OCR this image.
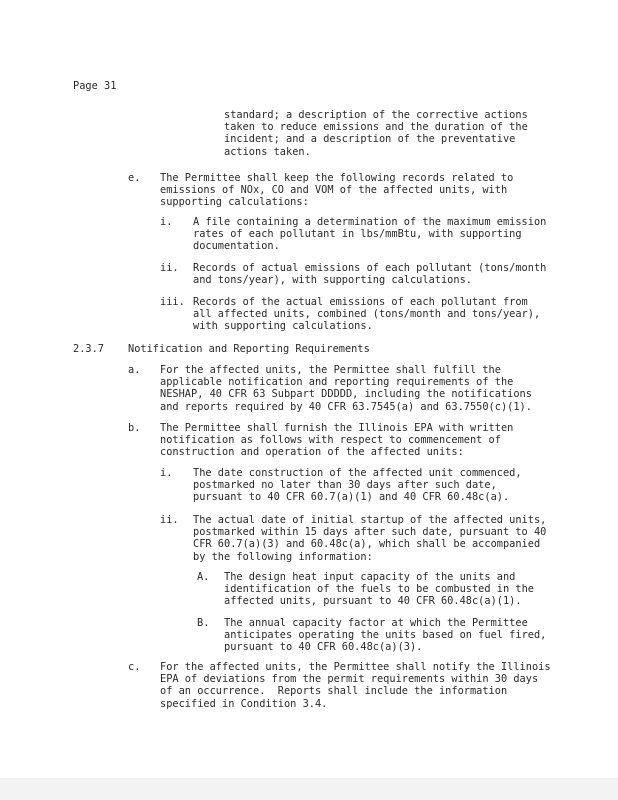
Page 31
standard; a description of the corrective actions
taken to reduce emissions and the duration of the
incident; and a description of the preventative
actions taken.
e. The Permittee shall keep the following records related to
emissions of NOx, CO and VOM of the affected units, with
supporting calculations:
i. A file containing a determination of the maximum emission
rates of each pollutant in lbs/mmBtu, with supporting
documentation.
ii. Records of actual emissions of each pollutant (tons/month
and tons/year), with supporting calculations.
iii. Records of the actual emissions of each pollutant from
all affected units, combined (tons/month and tons/year),
with supporting calculations.
2.3.7 Notification and Reporting Requirements
a. For the affected units, the Permittee shall fulfill the
applicable notification and reporting requirements of the
NESHAP, 40 CFR 63 Subpart DDDDD, including the notifications
and reports required by 40 CFR 63.7545(a) and 63.7550(c)(1).
b. The Permittee shall furnish the Illinois EPA with written
notification as follows with respect to commencement of
construction and operation of the affected units:
i. The date construction of the affected unit commenced,
postmarked no later than 30 days after such date,
pursuant to 40 CFR 60.7(a)(1) and 40 CFR 60.48c(a).
ii. The actual date of initial startup of the affected units,
postmarked within 15 days after such date, pursuant to 40
CFR 60.7(a)(3) and 60.48c(a), which shall be accompanied
by the following information:
A. The design heat input capacity of the units and
identification of the fuels to be combusted in the
affected units, pursuant to 40 CFR 60.48c(a)(1).
B. The annual capacity factor at which the Permittee
anticipates operating the units based on fuel fired,
pursuant to 40 CFR 60.48c(a)(3).
c. For the affected units, the Permittee shall notify the Illinois
EPA of deviations from the permit requirements within 30 days
of an occurrence.  Reports shall include the information
specified in Condition 3.4.
